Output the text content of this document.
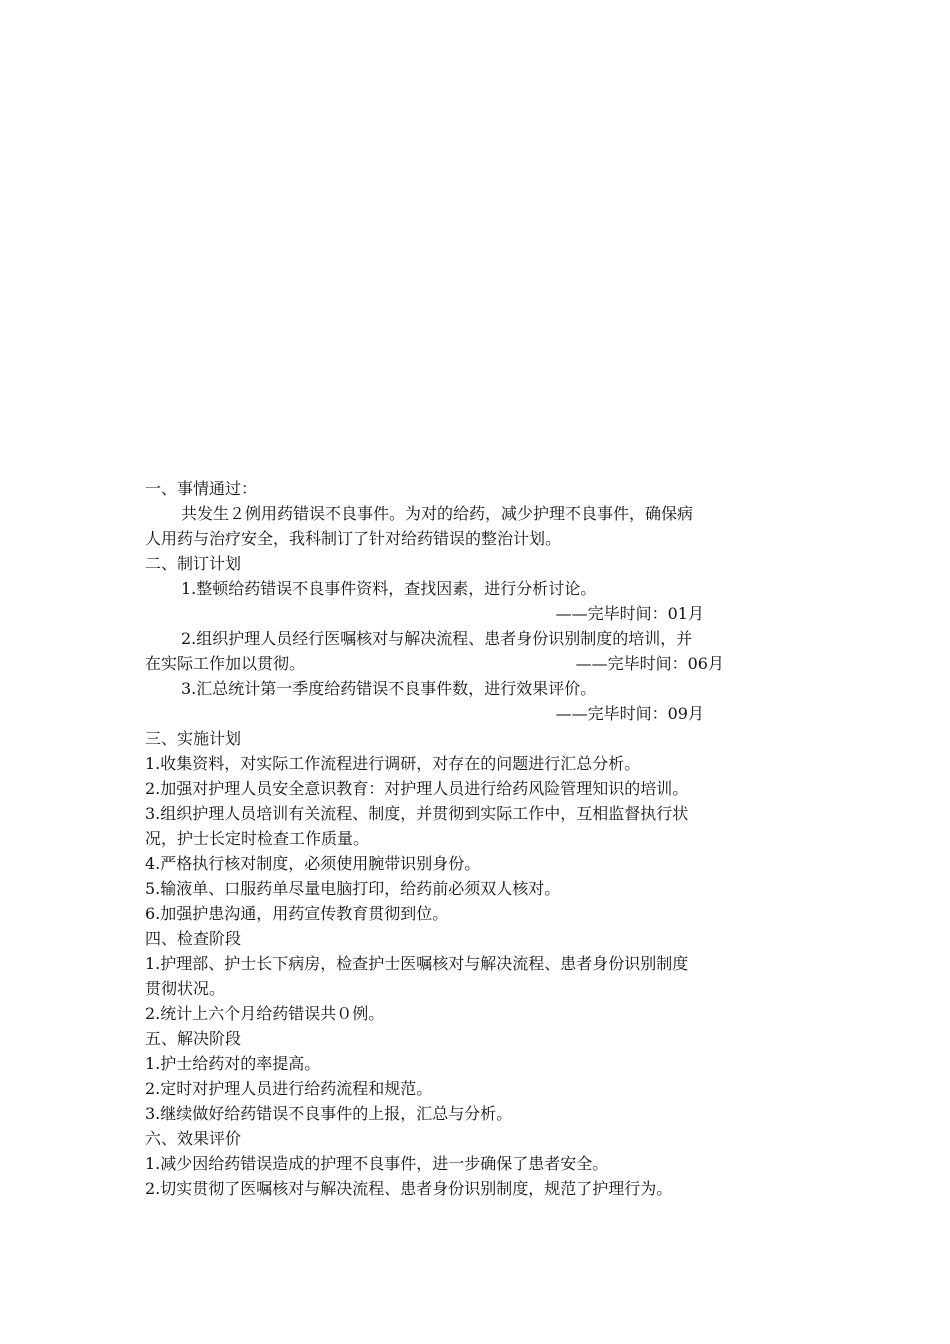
一、事情通过：
共发生２例用药错误不良事件。为对的给药，减少护理不良事件，确保病
人用药与治疗安全，我科制订了针对给药错误的整治计划。
二、制订计划
1.整顿给药错误不良事件资料，查找因素，进行分析讨论。
——完毕时间：01月
2.组织护理人员经行医嘱核对与解决流程、患者身份识别制度的培训，并
在实际工作加以贯彻。	——完毕时间：06月
3.汇总统计第一季度给药错误不良事件数，进行效果评价。
——完毕时间：09月
三、实施计划
1.收集资料，对实际工作流程进行调研，对存在的问题进行汇总分析。
2.加强对护理人员安全意识教育：对护理人员进行给药风险管理知识的培训。
3.组织护理人员培训有关流程、制度，并贯彻到实际工作中，互相监督执行状
况，护士长定时检查工作质量。
4.严格执行核对制度，必须使用腕带识别身份。
5.输液单、口服药单尽量电脑打印，给药前必须双人核对。
6.加强护患沟通，用药宣传教育贯彻到位。
四、检查阶段
1.护理部、护士长下病房，检查护士医嘱核对与解决流程、患者身份识别制度
贯彻状况。
2.统计上六个月给药错误共０例。
五、解决阶段
1.护士给药对的率提高。
2.定时对护理人员进行给药流程和规范。
3.继续做好给药错误不良事件的上报，汇总与分析。
六、效果评价
1.减少因给药错误造成的护理不良事件，进一步确保了患者安全。
2.切实贯彻了医嘱核对与解决流程、患者身份识别制度，规范了护理行为。
